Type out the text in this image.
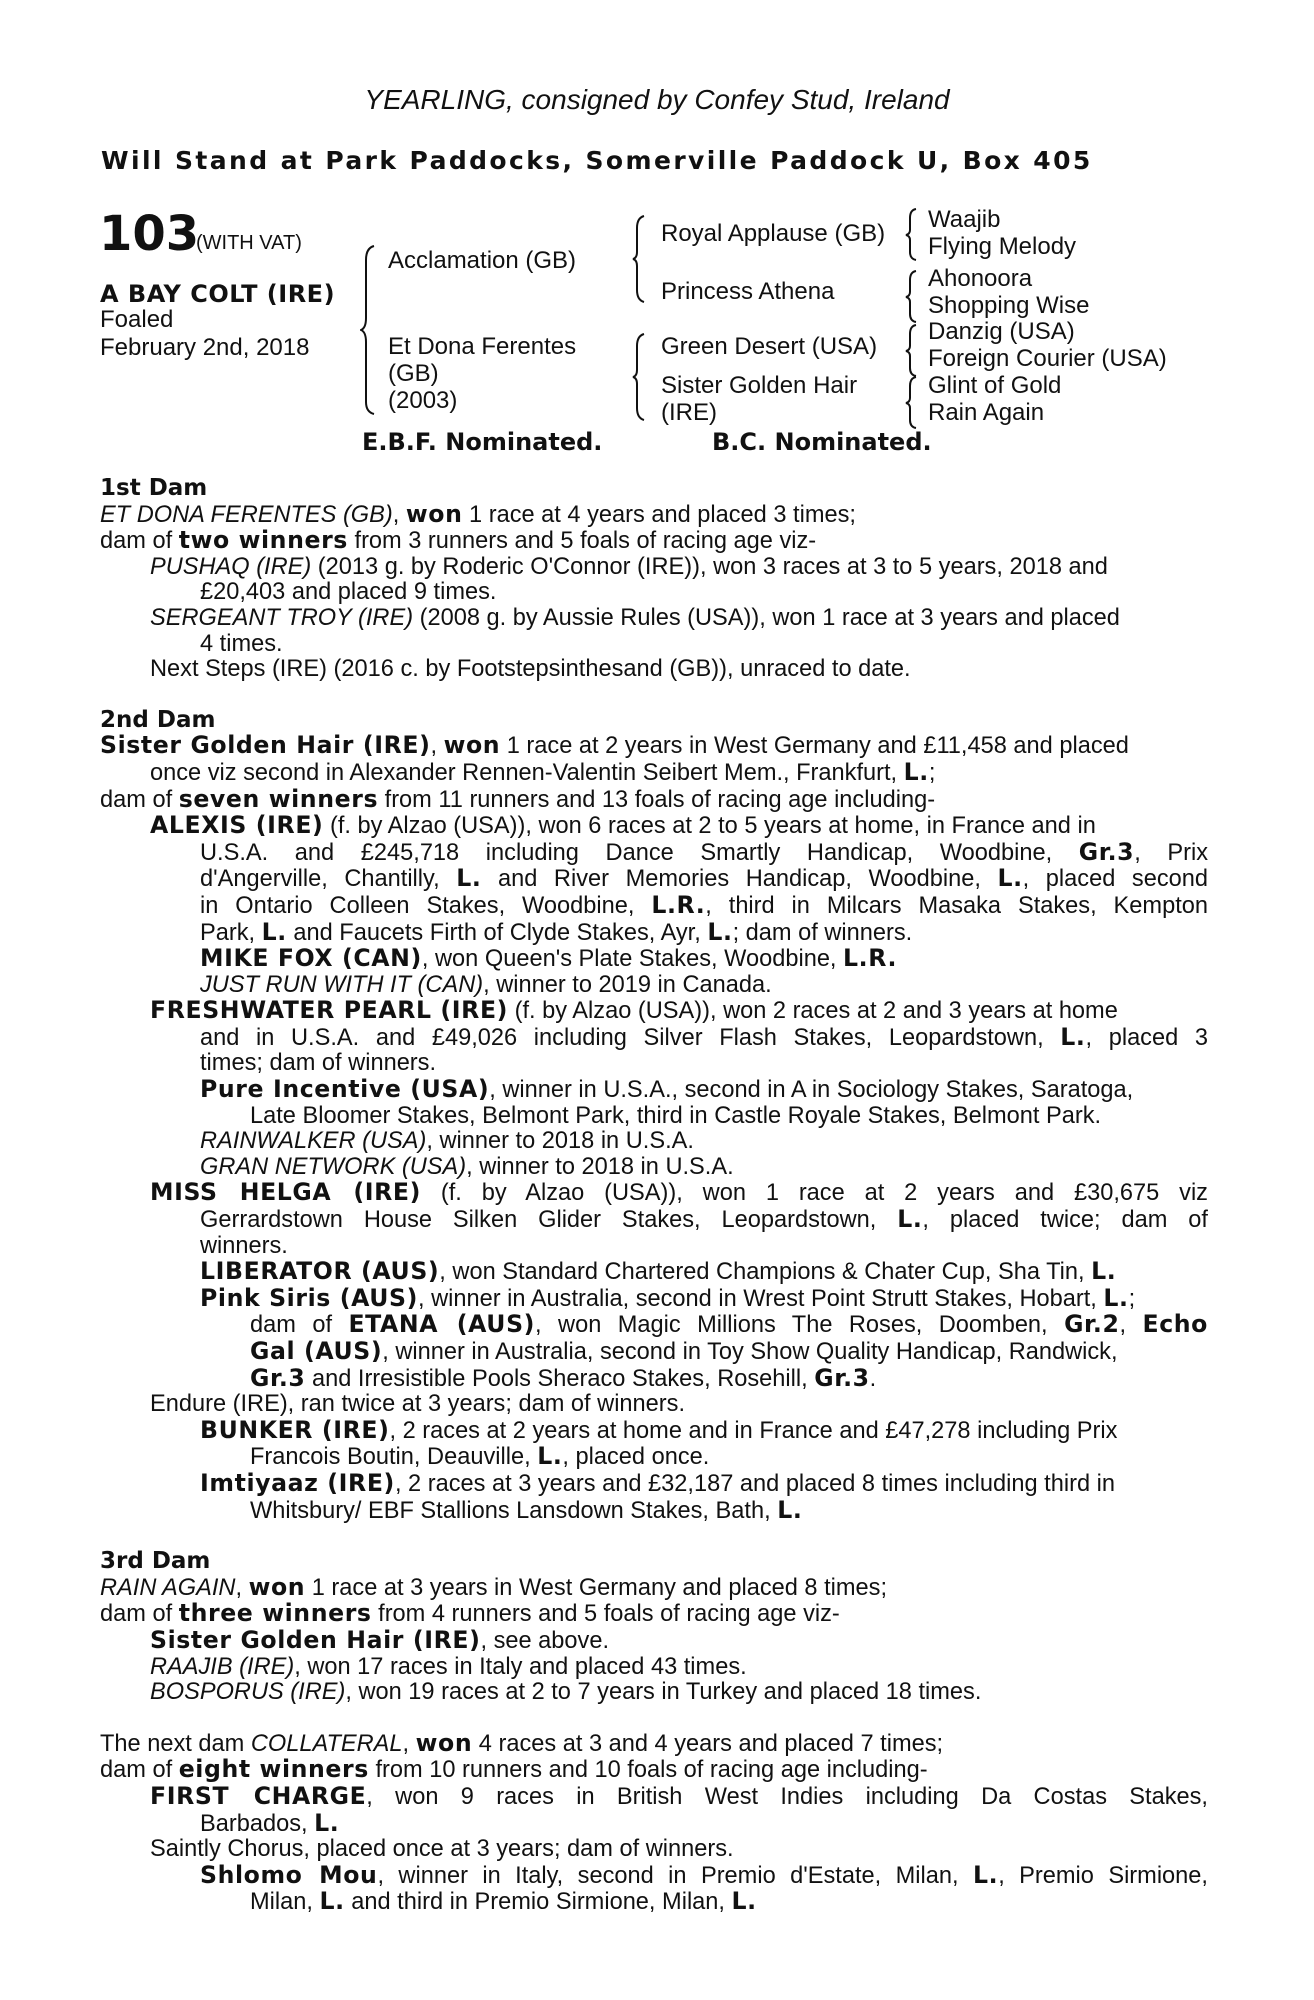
YEARLING, consigned by Confey Stud, Ireland
Will Stand at Park Paddocks, Somerville Paddock U, Box 405
103
(WITH VAT)
A BAY COLT (IRE)
Foaled
February 2nd, 2018
Acclamation (GB)
Et Dona Ferentes
(GB)
(2003)
Royal Applause (GB)
Princess Athena
Green Desert (USA)
Sister Golden Hair
(IRE)
Waajib
Flying Melody
Ahonoora
Shopping Wise
Danzig (USA)
Foreign Courier (USA)
Glint of Gold
Rain Again
E.B.F. Nominated.	B.C. Nominated.
1st Dam
ET DONA FERENTES (GB), won 1 race at 4 years and placed 3 times;
dam of two winners from 3 runners and 5 foals of racing age viz-
PUSHAQ (IRE) (2013 g. by Roderic O'Connor (IRE)), won 3 races at 3 to 5 years, 2018 and
£20,403 and placed 9 times.
SERGEANT TROY (IRE) (2008 g. by Aussie Rules (USA)), won 1 race at 3 years and placed
4 times.
Next Steps (IRE) (2016 c. by Footstepsinthesand (GB)), unraced to date.
2nd Dam
Sister Golden Hair (IRE), won 1 race at 2 years in West Germany and £11,458 and placed
once viz second in Alexander Rennen-Valentin Seibert Mem., Frankfurt, L.;
dam of seven winners from 11 runners and 13 foals of racing age including-
ALEXIS (IRE) (f. by Alzao (USA)), won 6 races at 2 to 5 years at home, in France and in
U.S.A. and £245,718 including Dance Smartly Handicap, Woodbine, Gr.3, Prix
d'Angerville, Chantilly, L. and River Memories Handicap, Woodbine, L., placed second
in Ontario Colleen Stakes, Woodbine, L.R., third in Milcars Masaka Stakes, Kempton
Park, L. and Faucets Firth of Clyde Stakes, Ayr, L.; dam of winners.
MIKE FOX (CAN), won Queen's Plate Stakes, Woodbine, L.R.
JUST RUN WITH IT (CAN), winner to 2019 in Canada.
FRESHWATER PEARL (IRE) (f. by Alzao (USA)), won 2 races at 2 and 3 years at home
and in U.S.A. and £49,026 including Silver Flash Stakes, Leopardstown, L., placed 3
times; dam of winners.
Pure Incentive (USA), winner in U.S.A., second in A in Sociology Stakes, Saratoga,
Late Bloomer Stakes, Belmont Park, third in Castle Royale Stakes, Belmont Park.
RAINWALKER (USA), winner to 2018 in U.S.A.
GRAN NETWORK (USA), winner to 2018 in U.S.A.
MISS HELGA (IRE) (f. by Alzao (USA)), won 1 race at 2 years and £30,675 viz
Gerrardstown House Silken Glider Stakes, Leopardstown, L., placed twice; dam of
winners.
LIBERATOR (AUS), won Standard Chartered Champions & Chater Cup, Sha Tin, L.
Pink Siris (AUS), winner in Australia, second in Wrest Point Strutt Stakes, Hobart, L.;
dam of ETANA (AUS), won Magic Millions The Roses, Doomben, Gr.2, Echo
Gal (AUS), winner in Australia, second in Toy Show Quality Handicap, Randwick,
Gr.3 and Irresistible Pools Sheraco Stakes, Rosehill, Gr.3.
Endure (IRE), ran twice at 3 years; dam of winners.
BUNKER (IRE), 2 races at 2 years at home and in France and £47,278 including Prix
Francois Boutin, Deauville, L., placed once.
Imtiyaaz (IRE), 2 races at 3 years and £32,187 and placed 8 times including third in
Whitsbury/ EBF Stallions Lansdown Stakes, Bath, L.
3rd Dam
RAIN AGAIN, won 1 race at 3 years in West Germany and placed 8 times;
dam of three winners from 4 runners and 5 foals of racing age viz-
Sister Golden Hair (IRE), see above.
RAAJIB (IRE), won 17 races in Italy and placed 43 times.
BOSPORUS (IRE), won 19 races at 2 to 7 years in Turkey and placed 18 times.
The next dam COLLATERAL, won 4 races at 3 and 4 years and placed 7 times;
dam of eight winners from 10 runners and 10 foals of racing age including-
FIRST CHARGE, won 9 races in British West Indies including Da Costas Stakes,
Barbados, L.
Saintly Chorus, placed once at 3 years; dam of winners.
Shlomo Mou, winner in Italy, second in Premio d'Estate, Milan, L., Premio Sirmione,
Milan, L. and third in Premio Sirmione, Milan, L.
